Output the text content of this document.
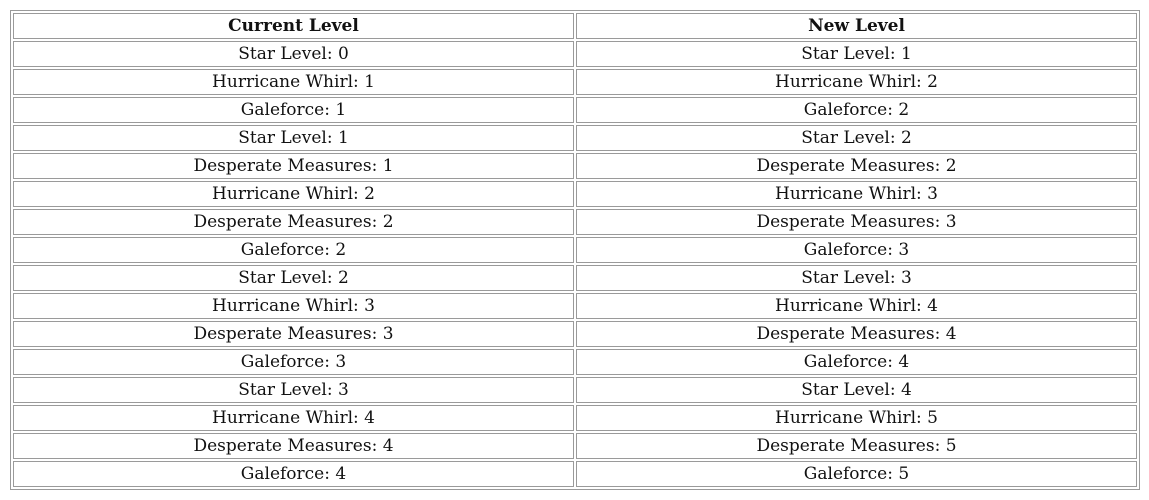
Current Level	New Level
Star Level: 0	Star Level: 1
Hurricane Whirl: 1	Hurricane Whirl: 2
Galeforce: 1	Galeforce: 2
Star Level: 1	Star Level: 2
Desperate Measures: 1	Desperate Measures: 2
Hurricane Whirl: 2	Hurricane Whirl: 3
Desperate Measures: 2	Desperate Measures: 3
Galeforce: 2	Galeforce: 3
Star Level: 2	Star Level: 3
Hurricane Whirl: 3	Hurricane Whirl: 4
Desperate Measures: 3	Desperate Measures: 4
Galeforce: 3	Galeforce: 4
Star Level: 3	Star Level: 4
Hurricane Whirl: 4	Hurricane Whirl: 5
Desperate Measures: 4	Desperate Measures: 5
Galeforce: 4	Galeforce: 5
